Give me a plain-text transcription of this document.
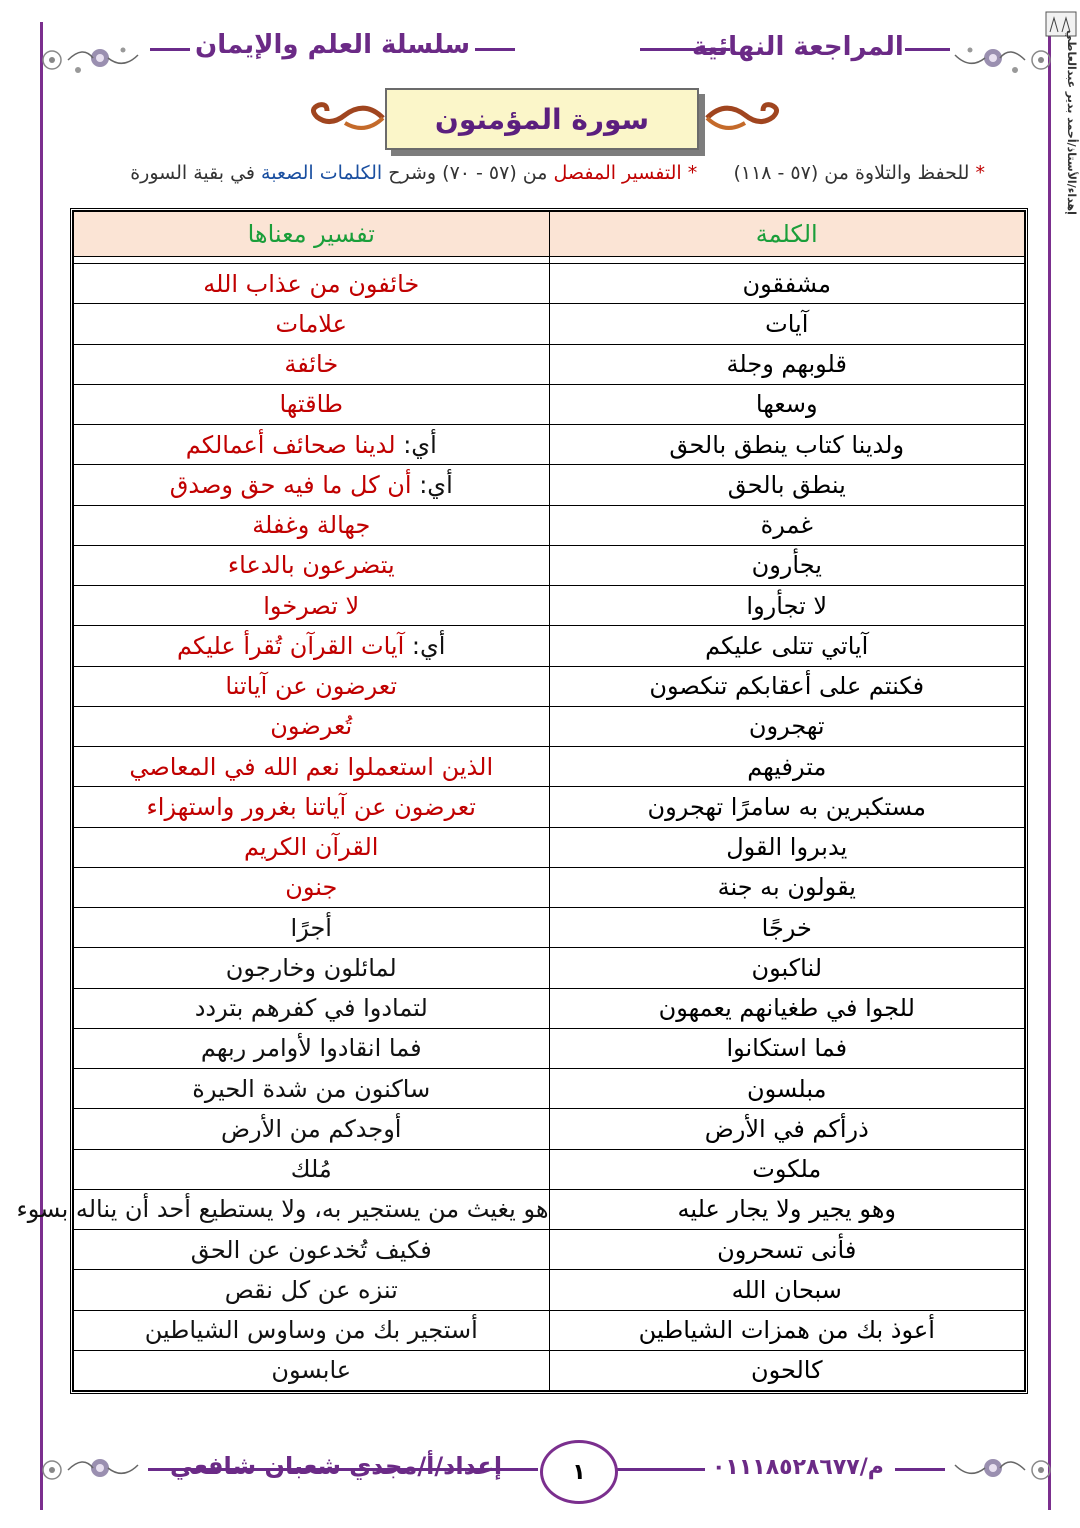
المراجعة النهائية
سلسلة العلم والإيمان	إهداء/الأستاذ/أحمد بدير عبدالعاطي
سورة المؤمنون
* للحفظ والتلاوة من (٥٧ - ١١٨)      * التفسير المفصل من (٥٧ - ٧٠) وشرح الكلمات الصعبة في بقية السورة
الكلمة	تفسير معناها

مشفقون	خائفون من عذاب الله
آيات	علامات
قلوبهم وجلة	خائفة
وسعها	طاقتها
ولدينا كتاب ينطق بالحق	أي: لدينا صحائف أعمالكم
ينطق بالحق	أي: أن كل ما فيه حق وصدق
غمرة	جهالة وغفلة
يجأرون	يتضرعون بالدعاء
لا تجأروا	لا تصرخوا
آياتي تتلى عليكم	أي: آيات القرآن تُقرأ عليكم
فكنتم على أعقابكم تنكصون	تعرضون عن آياتنا
تهجرون	تُعرضون
مترفيهم	الذين استعملوا نعم الله في المعاصي
مستكبرين به سامرًا تهجرون	تعرضون عن آياتنا بغرور واستهزاء
يدبروا القول	القرآن الكريم
يقولون به جنة	جنون
خرجًا	أجرًا
لناكبون	لمائلون وخارجون
للجوا في طغيانهم يعمهون	لتمادوا في كفرهم بتردد
فما استكانوا	فما انقادوا لأوامر ربهم
مبلسون	ساكنون من شدة الحيرة
ذرأكم في الأرض	أوجدكم من الأرض
ملكوت	مُلك
وهو يجير ولا يجار عليه	هو يغيث من يستجير به، ولا يستطيع أحد أن يناله بسوء
فأنى تسحرون	فكيف تُخدعون عن الحق
سبحان الله	تنزه عن كل نقص
أعوذ بك من همزات الشياطين	أستجير بك من وساوس الشياطين
كالحون	عابسون
م/٠١١١٨٥٢٨٦٧٧
١
إعداد/أ/مجدي شعبان شافعي
